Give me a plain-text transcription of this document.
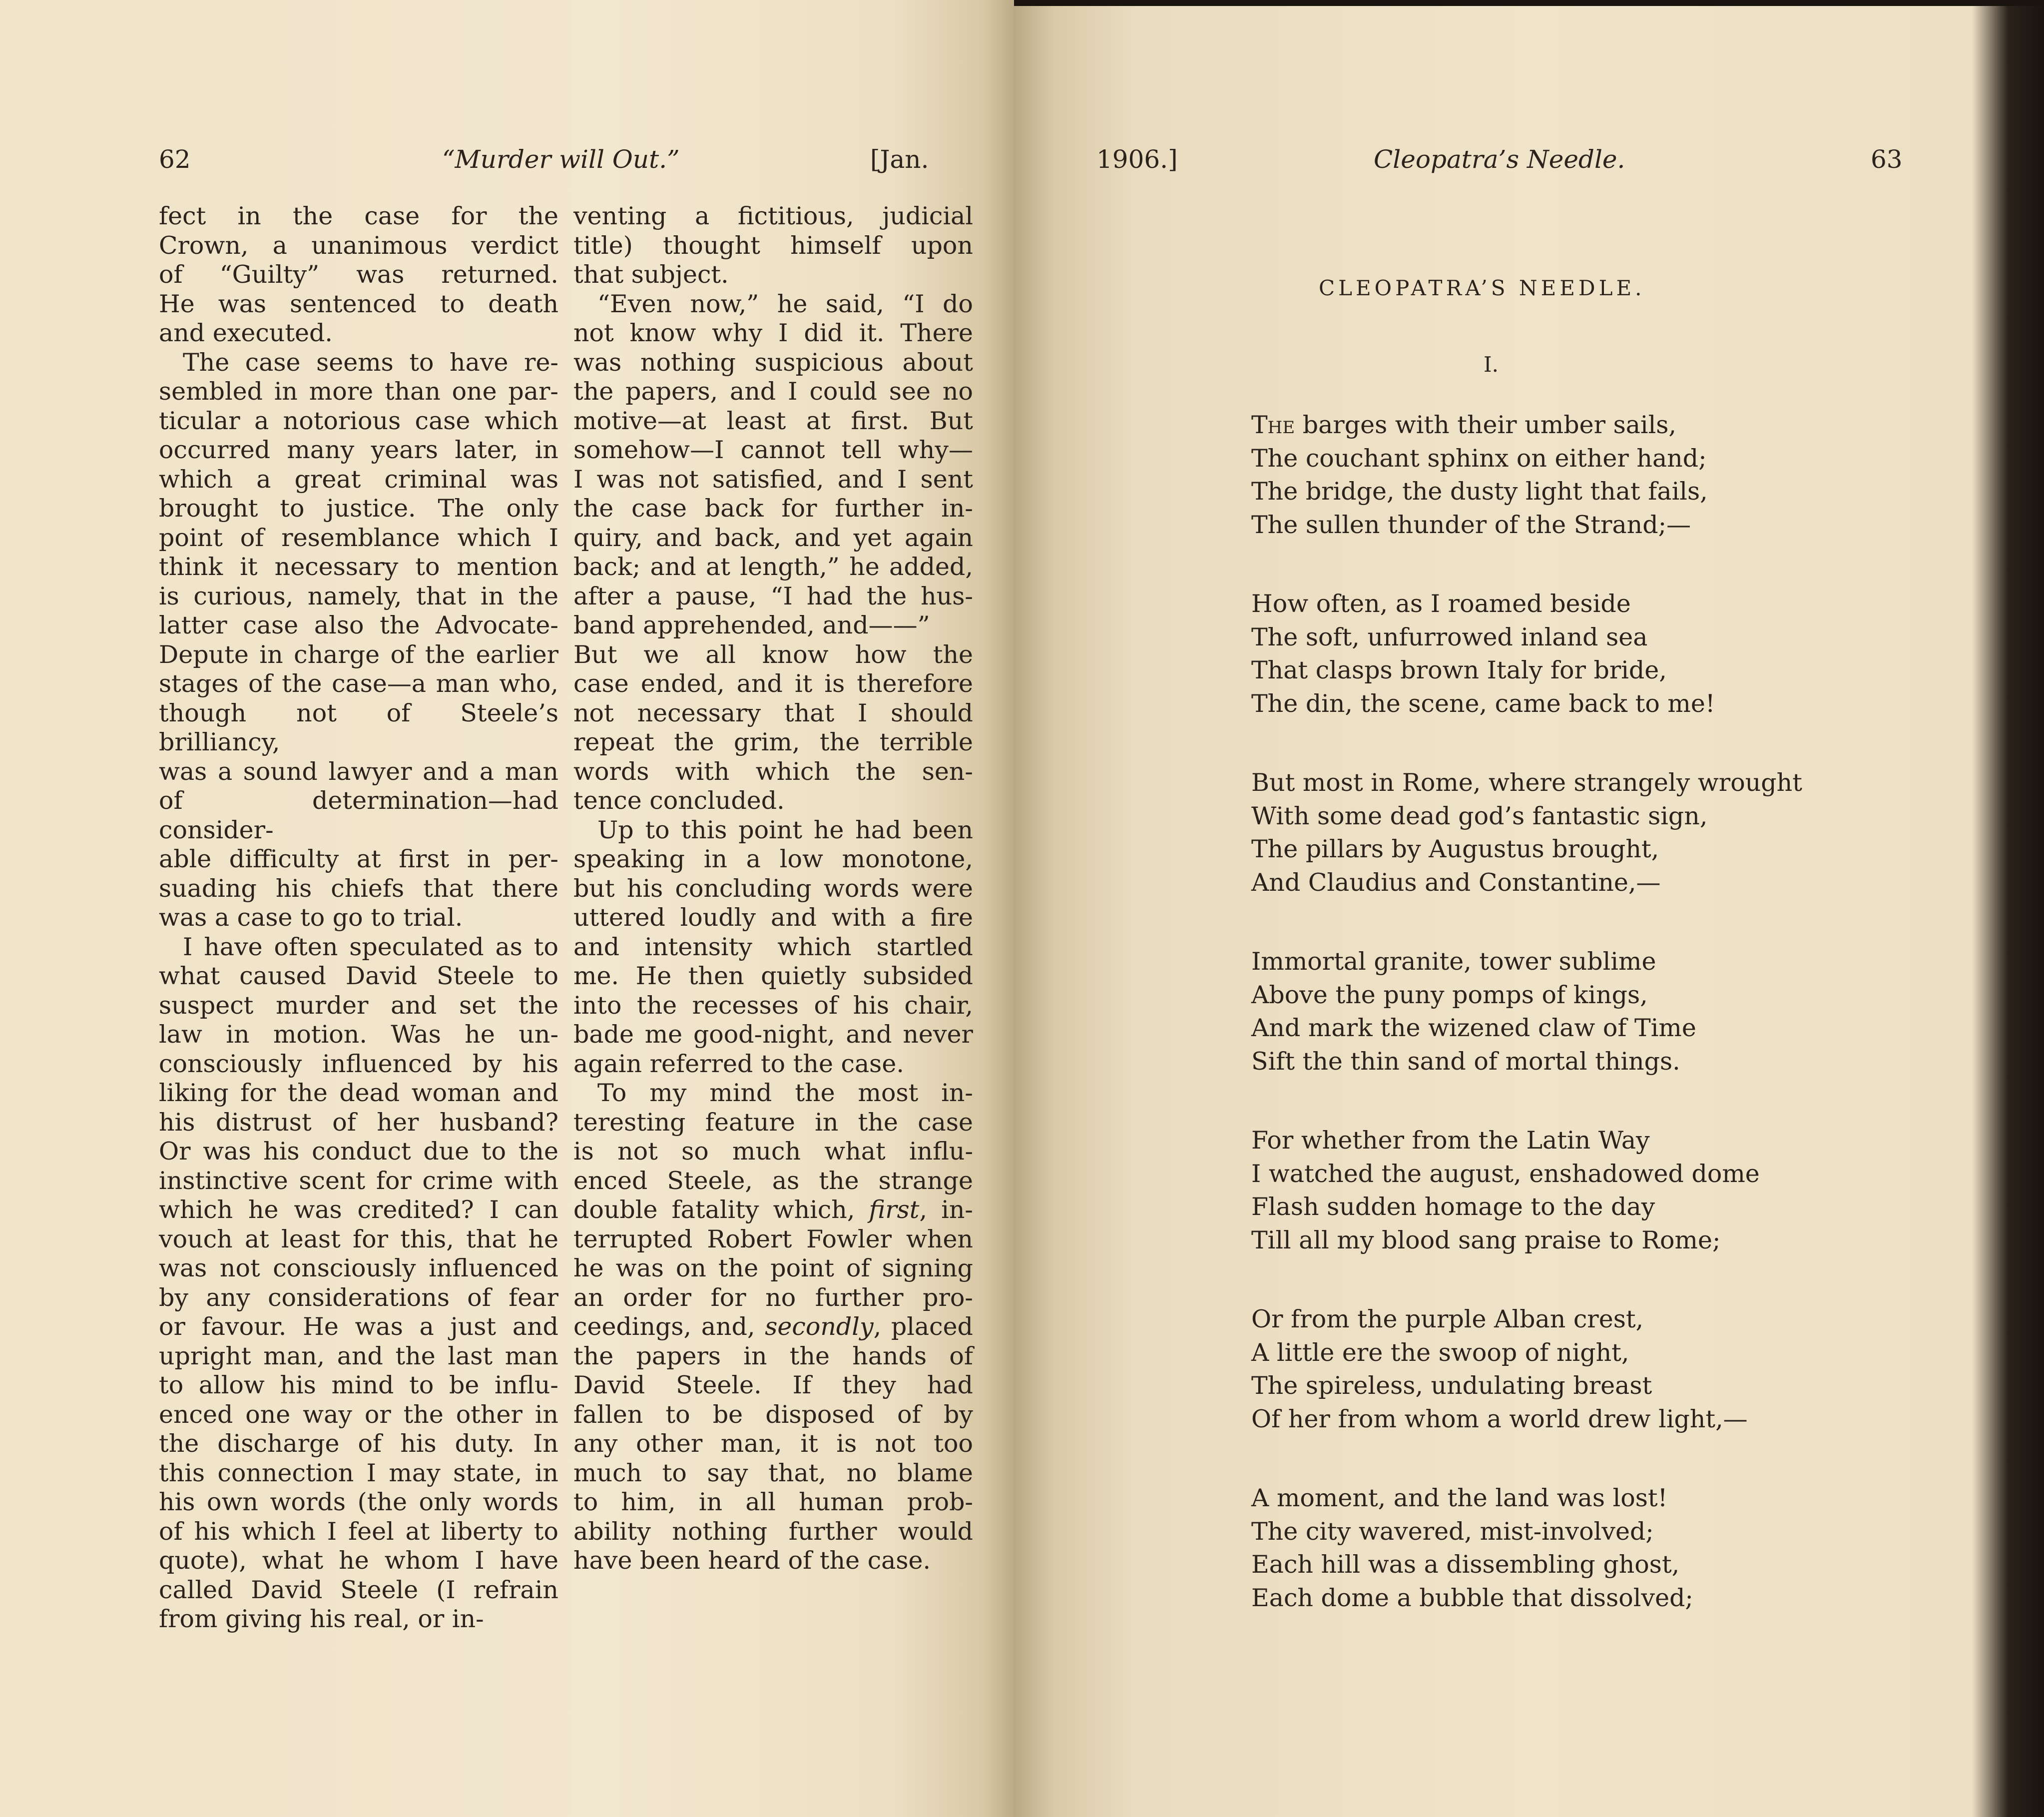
62	“Murder will Out.”	[Jan.

fect in the case for the

Crown, a unanimous verdict

of “Guilty” was returned.

He was sentenced to death

and executed.

The case seems to have re-

sembled in more than one par-

ticular a notorious case which

occurred many years later, in

which a great criminal was

brought to justice. The only

point of resemblance which I

think it necessary to mention

is curious, namely, that in the

latter case also the Advocate-

Depute in charge of the earlier

stages of the case—a man who,

though not of Steele’s brilliancy,

was a sound lawyer and a man

of determination—had consider-

able difficulty at first in per-

suading his chiefs that there

was a case to go to trial.

I have often speculated as to

what caused David Steele to

suspect murder and set the

law in motion. Was he un-

consciously influenced by his

liking for the dead woman and

his distrust of her husband?

Or was his conduct due to the

instinctive scent for crime with

which he was credited? I can

vouch at least for this, that he

was not consciously influenced

by any considerations of fear

or favour. He was a just and

upright man, and the last man

to allow his mind to be influ-

enced one way or the other in

the discharge of his duty. In

this connection I may state, in

his own words (the only words

of his which I feel at liberty to

quote), what he whom I have

called David Steele (I refrain

from giving his real, or in-

venting a fictitious, judicial

title) thought himself upon

that subject.

“Even now,” he said, “I do

not know why I did it. There

was nothing suspicious about

the papers, and I could see no

motive—at least at first. But

somehow—I cannot tell why—

I was not satisfied, and I sent

the case back for further in-

quiry, and back, and yet again

back; and at length,” he added,

after a pause, “I had the hus-

band apprehended, and——”

But we all know how the

case ended, and it is therefore

not necessary that I should

repeat the grim, the terrible

words with which the sen-

tence concluded.

Up to this point he had been

speaking in a low monotone,

but his concluding words were

uttered loudly and with a fire

and intensity which startled

me. He then quietly subsided

into the recesses of his chair,

bade me good-night, and never

again referred to the case.

To my mind the most in-

teresting feature in the case

is not so much what influ-

enced Steele, as the strange

double fatality which, first, in-

terrupted Robert Fowler when

he was on the point of signing

an order for no further pro-

ceedings, and, secondly, placed

the papers in the hands of

David Steele. If they had

fallen to be disposed of by

any other man, it is not too

much to say that, no blame

to him, in all human prob-

ability nothing further would

have been heard of the case.

1906.]	Cleopatra’s Needle.	63
CLEOPATRA’S NEEDLE.
I.
The barges with their umber sails,
The couchant sphinx on either hand;
The bridge, the dusty light that fails,
The sullen thunder of the Strand;—
How often, as I roamed beside
The soft, unfurrowed inland sea
That clasps brown Italy for bride,
The din, the scene, came back to me!
But most in Rome, where strangely wrought
With some dead god’s fantastic sign,
The pillars by Augustus brought,
And Claudius and Constantine,—
Immortal granite, tower sublime
Above the puny pomps of kings,
And mark the wizened claw of Time
Sift the thin sand of mortal things.
For whether from the Latin Way
I watched the august, enshadowed dome
Flash sudden homage to the day
Till all my blood sang praise to Rome;
Or from the purple Alban crest,
A little ere the swoop of night,
The spireless, undulating breast
Of her from whom a world drew light,—
A moment, and the land was lost!
The city wavered, mist-involved;
Each hill was a dissembling ghost,
Each dome a bubble that dissolved;
